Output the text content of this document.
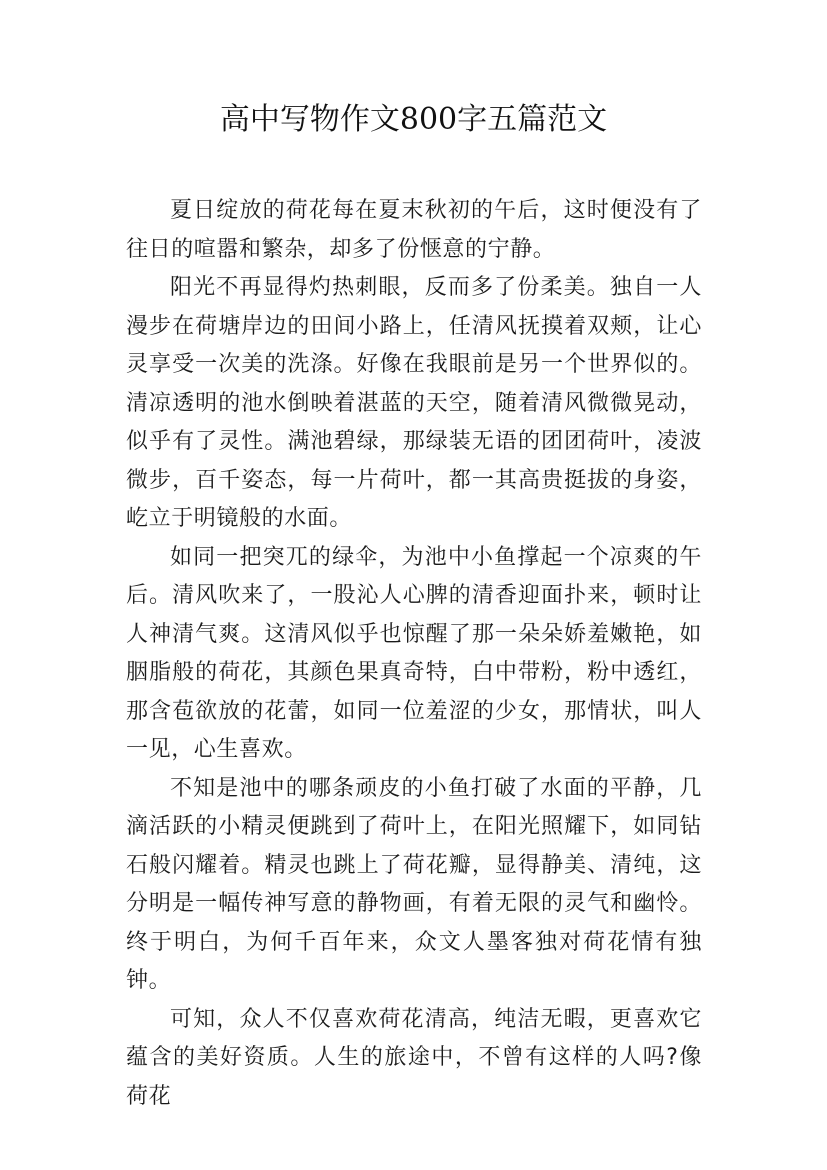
高中写物作文800字五篇范文

夏日绽放的荷花每在夏末秋初的午后，这时便没有了往日的喧嚣和繁杂，却多了份惬意的宁静。

阳光不再显得灼热刺眼，反而多了份柔美。独自一人漫步在荷塘岸边的田间小路上，任清风抚摸着双颊，让心灵享受一次美的洗涤。好像在我眼前是另一个世界似的。清凉透明的池水倒映着湛蓝的天空，随着清风微微晃动，似乎有了灵性。满池碧绿，那绿装无语的团团荷叶，凌波微步，百千姿态，每一片荷叶，都一其高贵挺拔的身姿，屹立于明镜般的水面。

如同一把突兀的绿伞，为池中小鱼撑起一个凉爽的午后。清风吹来了，一股沁人心脾的清香迎面扑来，顿时让人神清气爽。这清风似乎也惊醒了那一朵朵娇羞嫩艳，如胭脂般的荷花，其颜色果真奇特，白中带粉，粉中透红，那含苞欲放的花蕾，如同一位羞涩的少女，那情状，叫人一见，心生喜欢。

不知是池中的哪条顽皮的小鱼打破了水面的平静，几滴活跃的小精灵便跳到了荷叶上，在阳光照耀下，如同钻石般闪耀着。精灵也跳上了荷花瓣，显得静美、清纯，这分明是一幅传神写意的静物画，有着无限的灵气和幽怜。终于明白，为何千百年来，众文人墨客独对荷花情有独钟。

可知，众人不仅喜欢荷花清高，纯洁无暇，更喜欢它蕴含的美好资质。人生的旅途中，不曾有这样的人吗?像荷花
